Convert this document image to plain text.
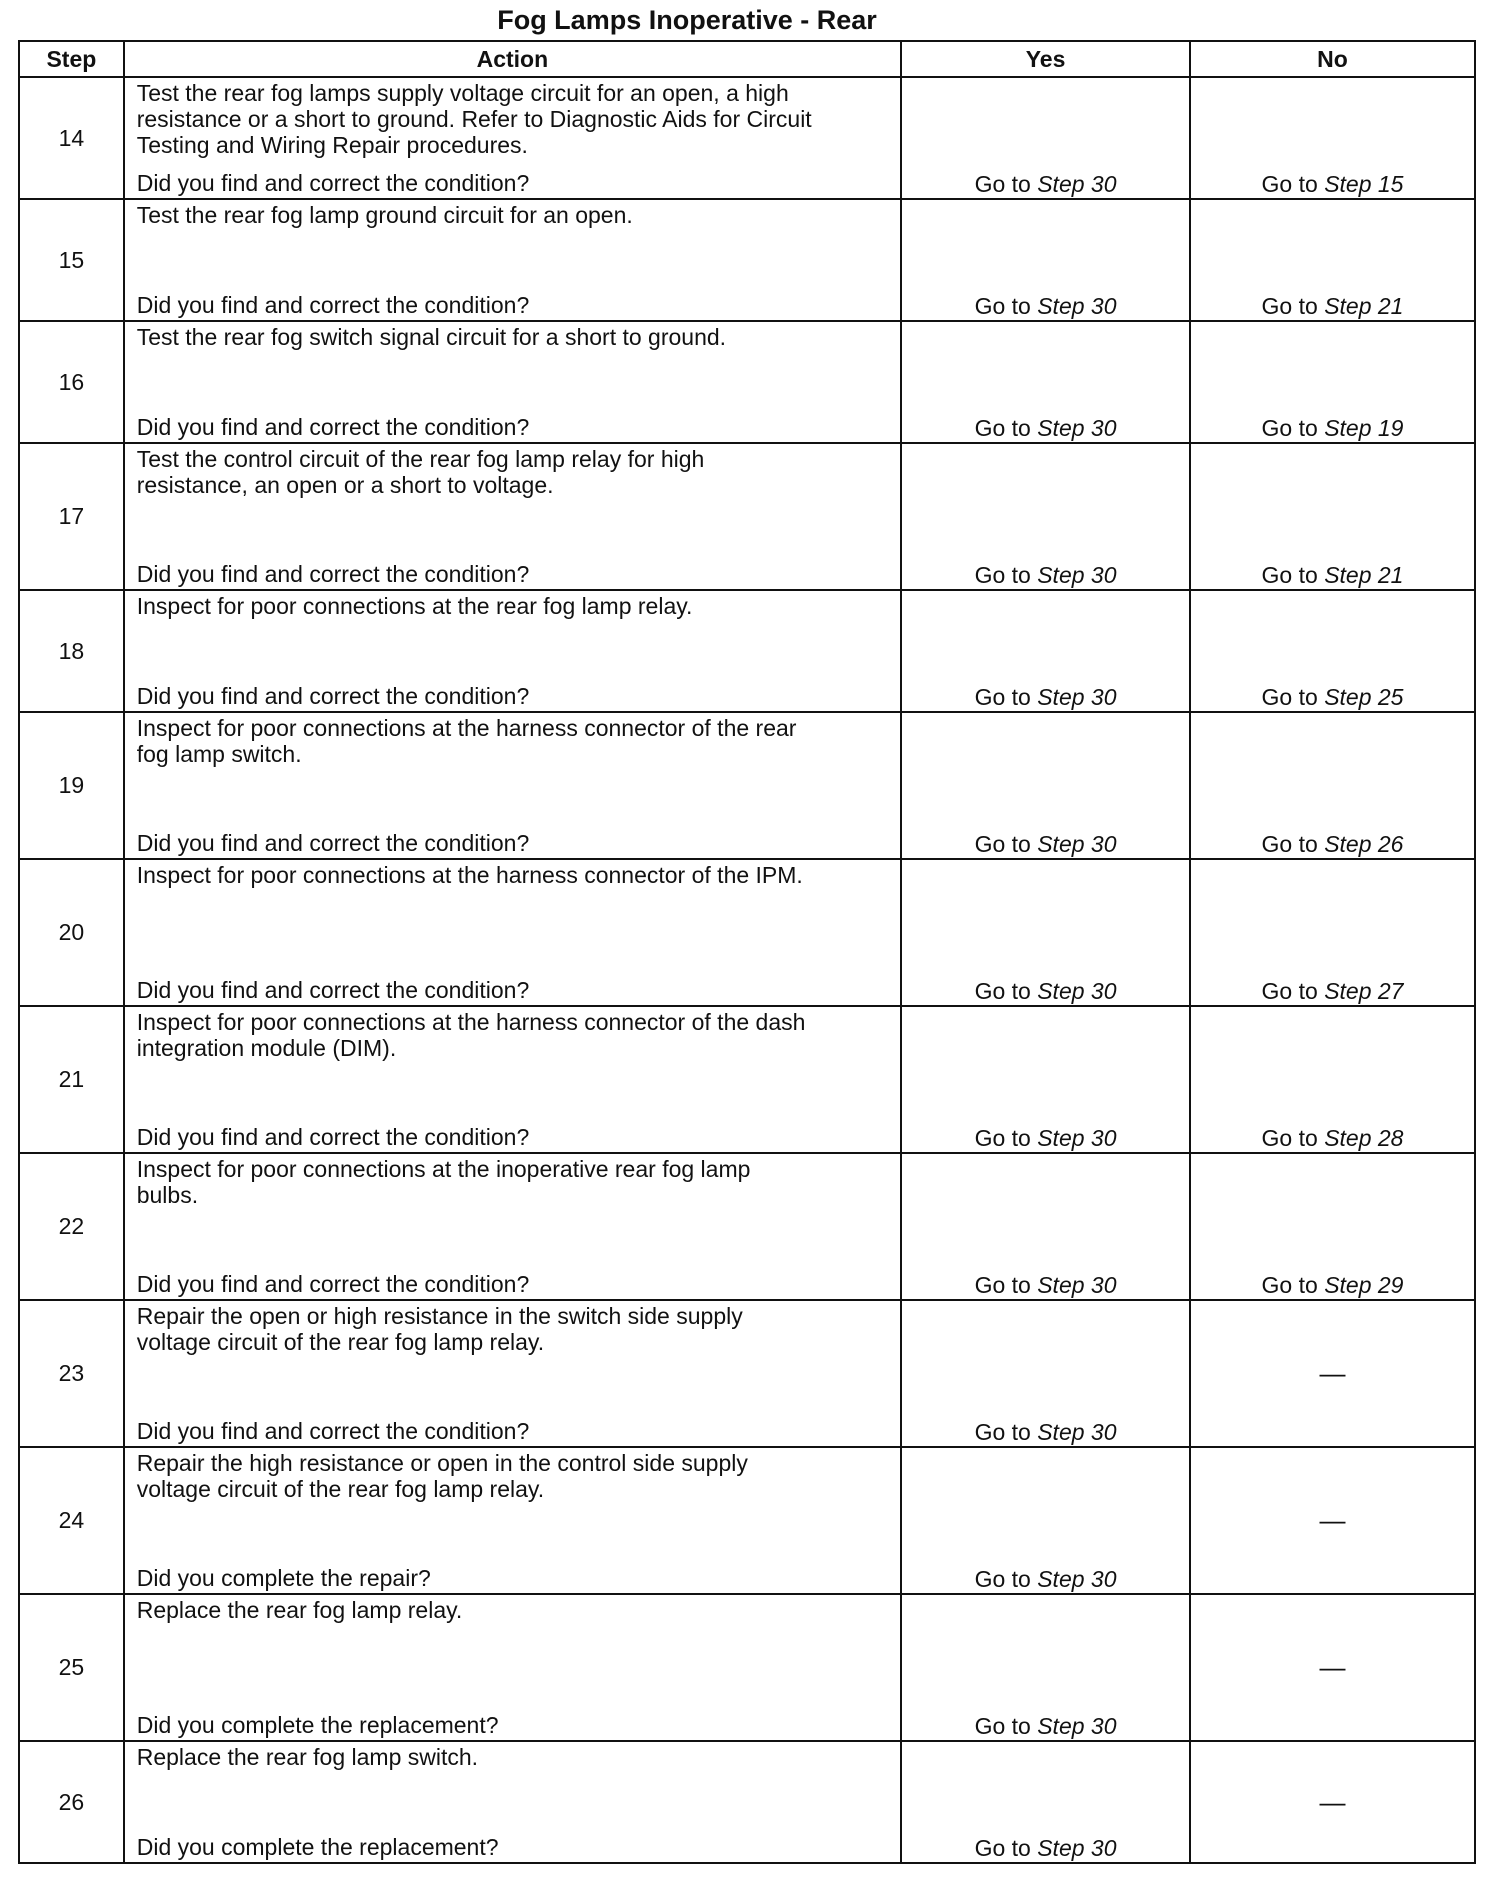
Fog Lamps Inoperative - Rear
Step	Action	Yes	No
14	Test the rear fog lamps supply voltage circuit for an open, a high
resistance or a short to ground. Refer to Diagnostic Aids for Circuit
Testing and Wiring Repair procedures.
Did you find and correct the condition?	Go to Step 30	Go to Step 15
15	Test the rear fog lamp ground circuit for an open.
Did you find and correct the condition?	Go to Step 30	Go to Step 21
16	Test the rear fog switch signal circuit for a short to ground.
Did you find and correct the condition?	Go to Step 30	Go to Step 19
17	Test the control circuit of the rear fog lamp relay for high
resistance, an open or a short to voltage.
Did you find and correct the condition?	Go to Step 30	Go to Step 21
18	Inspect for poor connections at the rear fog lamp relay.
Did you find and correct the condition?	Go to Step 30	Go to Step 25
19	Inspect for poor connections at the harness connector of the rear
fog lamp switch.
Did you find and correct the condition?	Go to Step 30	Go to Step 26
20	Inspect for poor connections at the harness connector of the IPM.
Did you find and correct the condition?	Go to Step 30	Go to Step 27
21	Inspect for poor connections at the harness connector of the dash
integration module (DIM).
Did you find and correct the condition?	Go to Step 30	Go to Step 28
22	Inspect for poor connections at the inoperative rear fog lamp
bulbs.
Did you find and correct the condition?	Go to Step 30	Go to Step 29
23	Repair the open or high resistance in the switch side supply
voltage circuit of the rear fog lamp relay.
Did you find and correct the condition?	Go to Step 30	—
24	Repair the high resistance or open in the control side supply
voltage circuit of the rear fog lamp relay.
Did you complete the repair?	Go to Step 30	—
25	Replace the rear fog lamp relay.
Did you complete the replacement?	Go to Step 30	—
26	Replace the rear fog lamp switch.
Did you complete the replacement?	Go to Step 30	—
